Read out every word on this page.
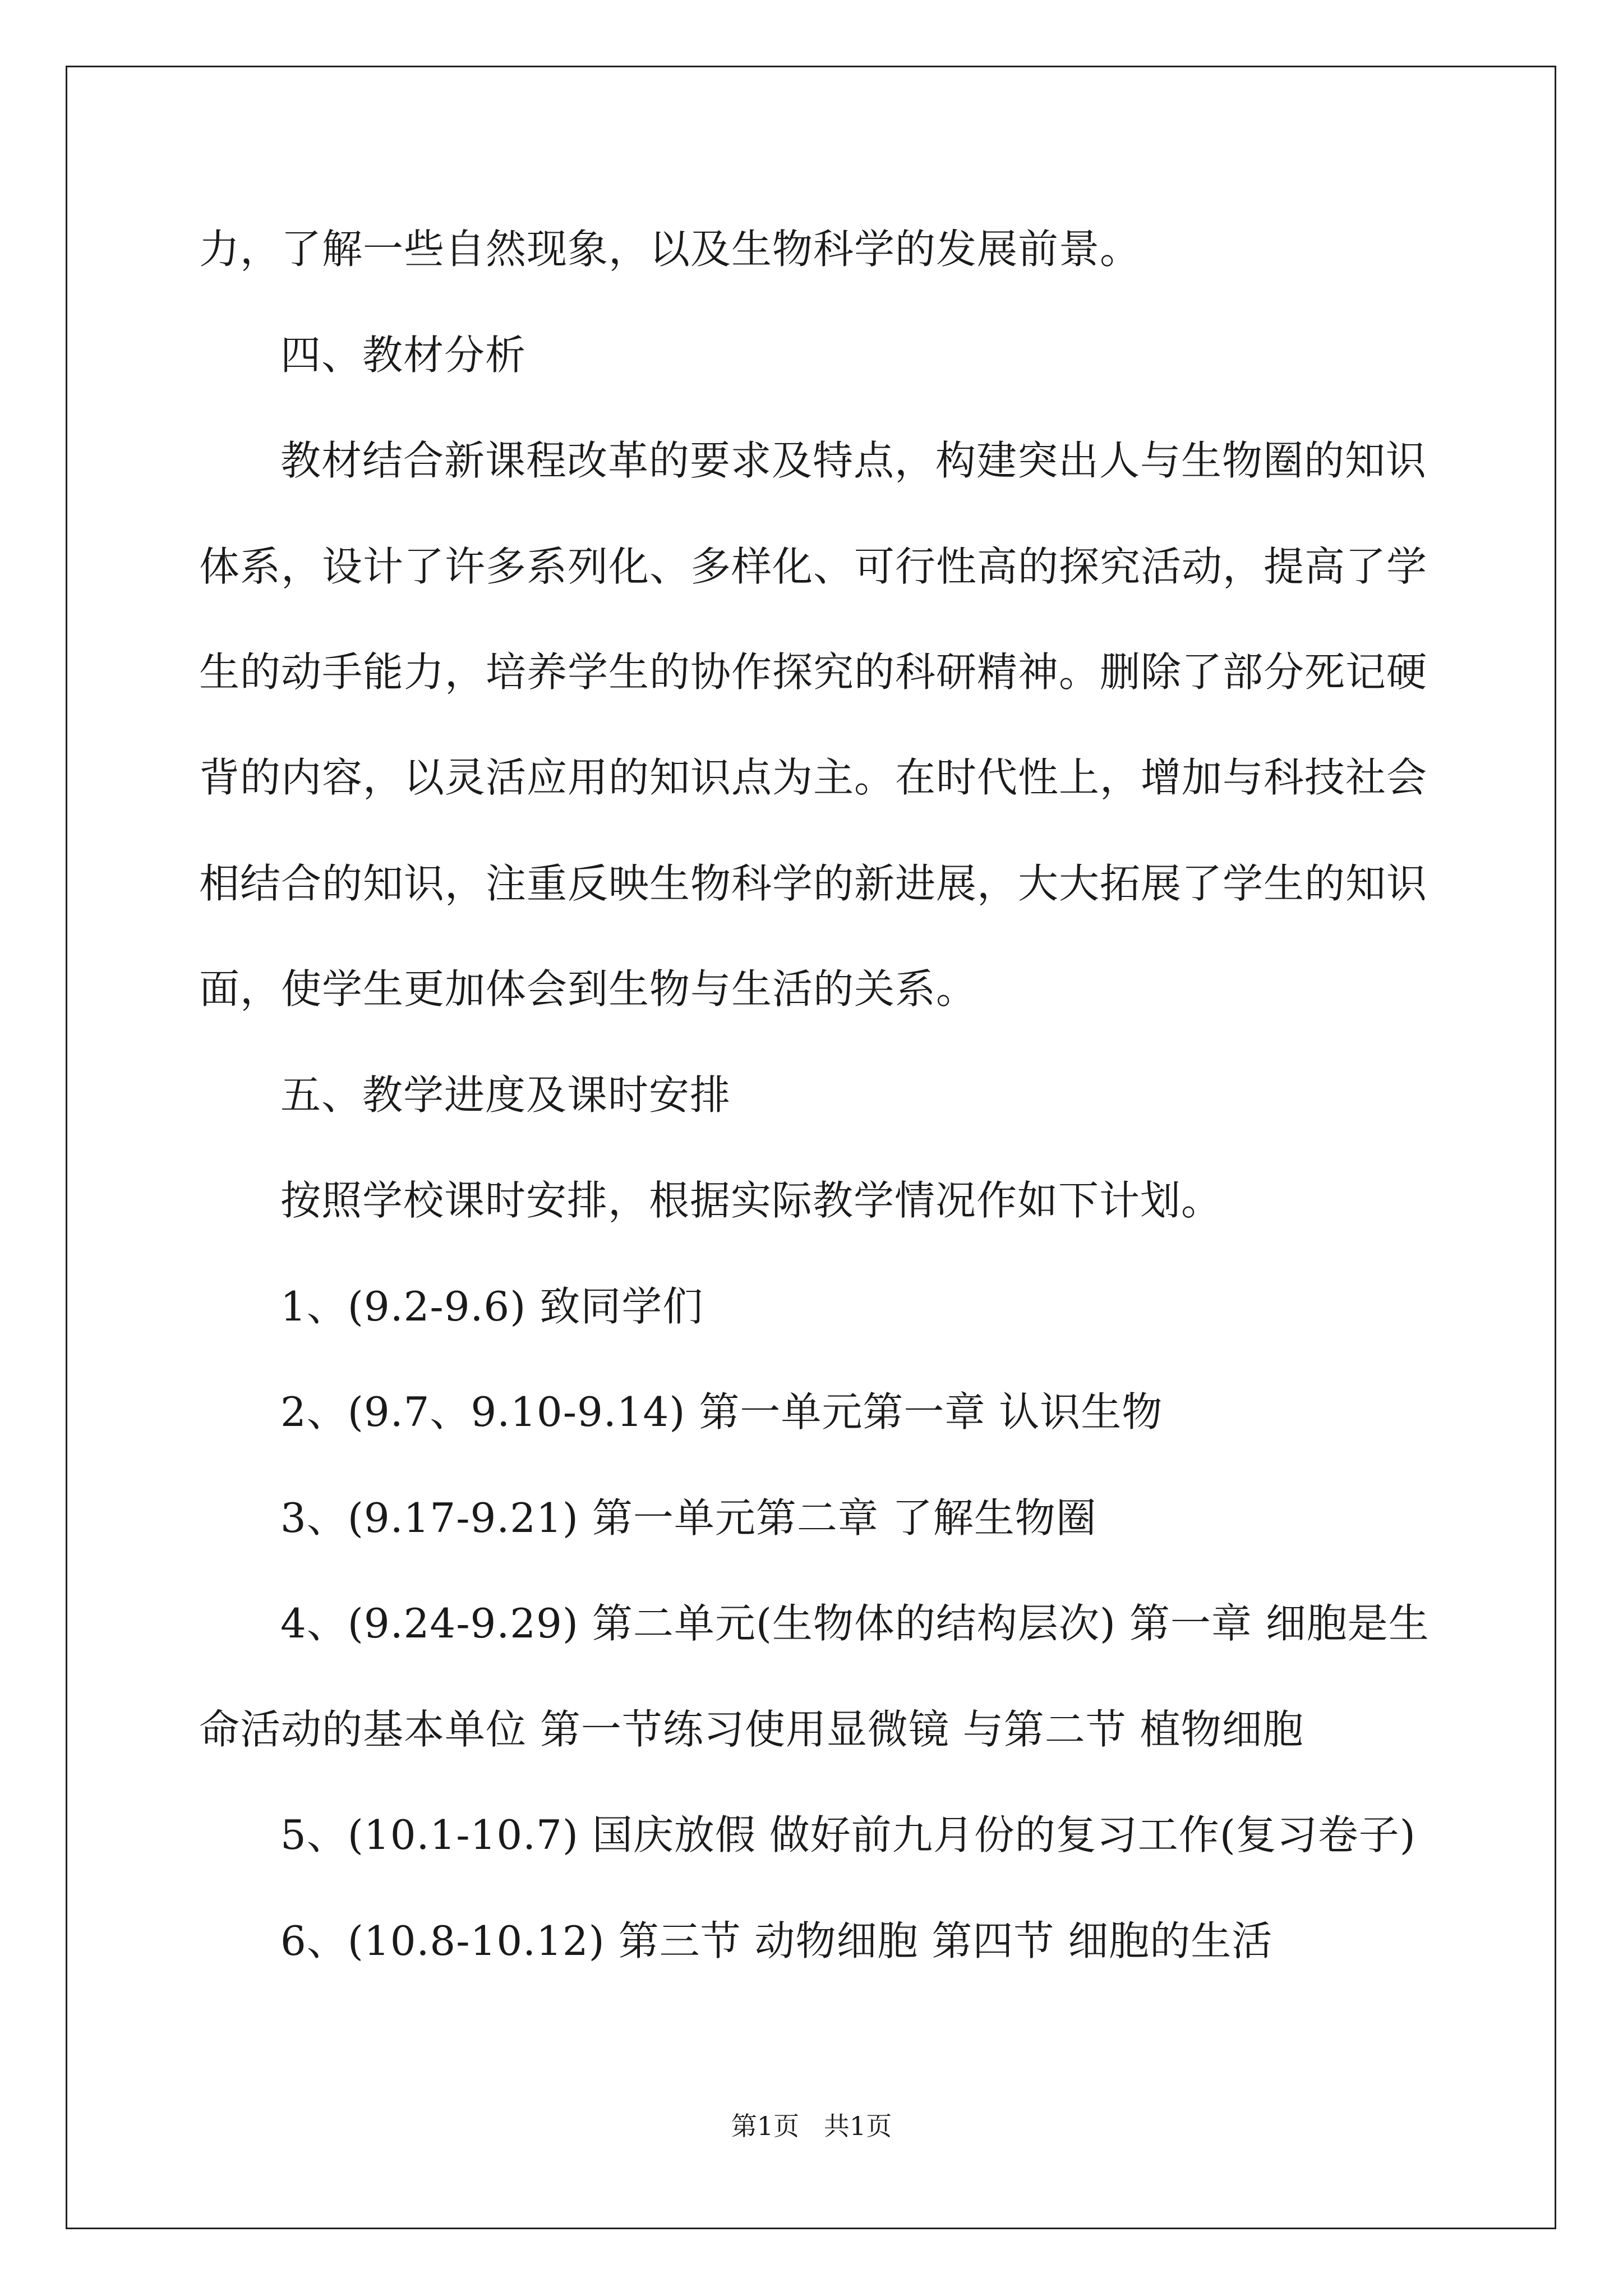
力，了解一些自然现象，以及生物科学的发展前景。
四、教材分析
教材结合新课程改革的要求及特点，构建突出人与生物圈的知识
体系，设计了许多系列化、多样化、可行性高的探究活动，提高了学
生的动手能力，培养学生的协作探究的科研精神。删除了部分死记硬
背的内容，以灵活应用的知识点为主。在时代性上，增加与科技社会
相结合的知识，注重反映生物科学的新进展，大大拓展了学生的知识
面，使学生更加体会到生物与生活的关系。
五、教学进度及课时安排
按照学校课时安排，根据实际教学情况作如下计划。
1、(9.2-9.6) 致同学们
2、(9.7、9.10-9.14) 第一单元第一章 认识生物
3、(9.17-9.21) 第一单元第二章 了解生物圈
4、(9.24-9.29) 第二单元(生物体的结构层次) 第一章 细胞是生
命活动的基本单位 第一节练习使用显微镜 与第二节 植物细胞
5、(10.1-10.7) 国庆放假 做好前九月份的复习工作(复习卷子)
6、(10.8-10.12) 第三节 动物细胞 第四节 细胞的生活
第1页   共1页
